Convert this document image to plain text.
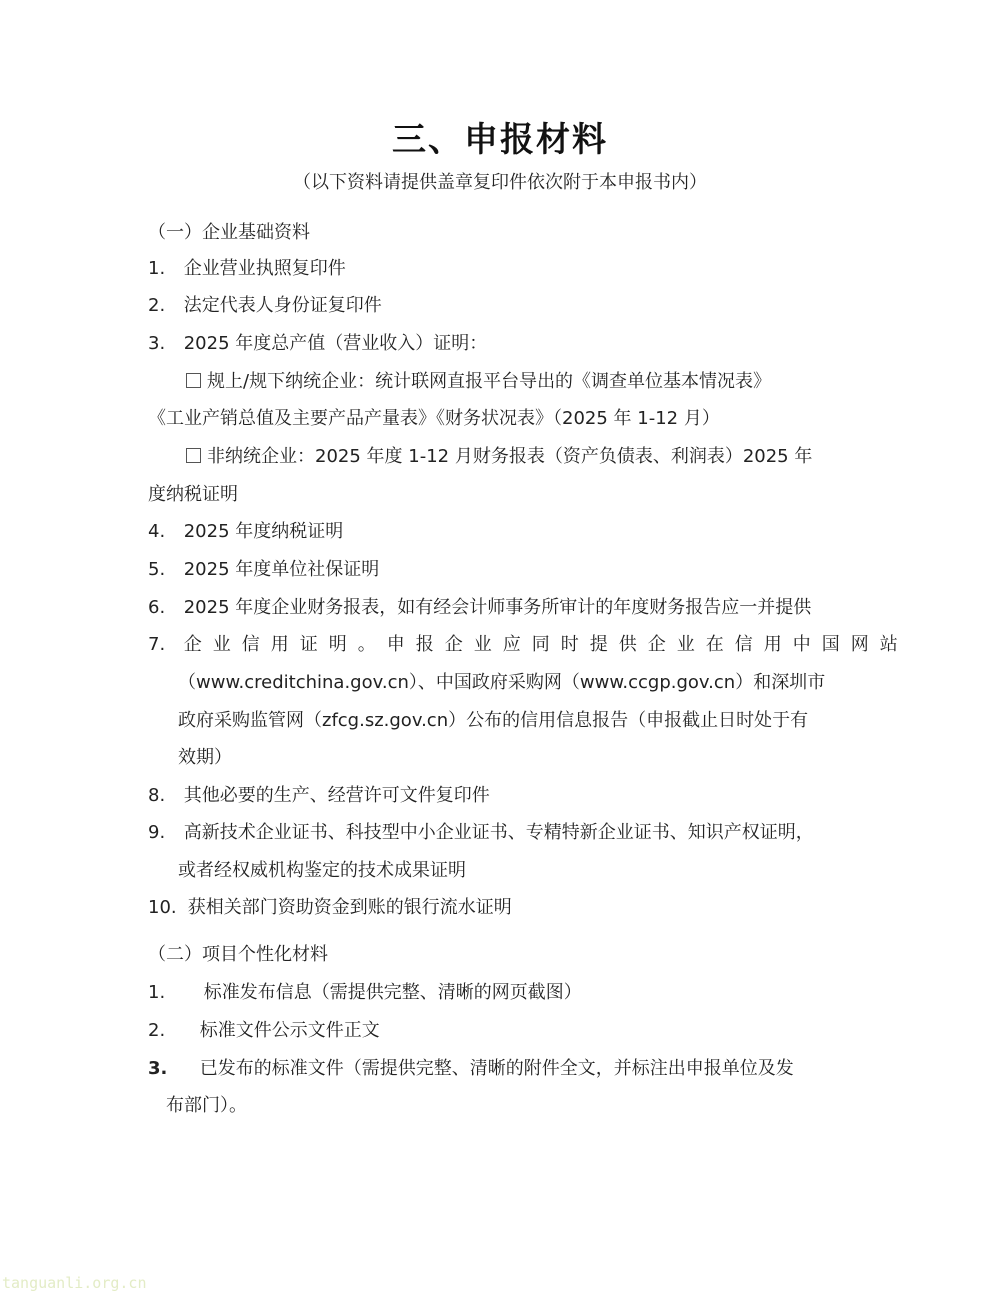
三、申报材料
（以下资料请提供盖章复印件依次附于本申报书内）
（一）企业基础资料
1. 企业营业执照复印件
2. 法定代表人身份证复印件
3. 2025 年度总产值（营业收入）证明：
规上/规下纳统企业：统计联网直报平台导出的《调查单位基本情况表》
《工业产销总值及主要产品产量表》《财务状况表》（2025 年 1-12 月）
非纳统企业：2025 年度 1-12 月财务报表（资产负债表、利润表）2025 年
度纳税证明
4. 2025 年度纳税证明
5. 2025 年度单位社保证明
6. 2025 年度企业财务报表，如有经会计师事务所审计的年度财务报告应一并提供
7. 企业信用证明。申报企业应同时提供企业在信用中国网站
（www.creditchina.gov.cn）、中国政府采购网（www.ccgp.gov.cn）和深圳市
政府采购监管网（zfcg.sz.gov.cn）公布的信用信息报告（申报截止日时处于有
效期）
8. 其他必要的生产、经营许可文件复印件
9. 高新技术企业证书、科技型中小企业证书、专精特新企业证书、知识产权证明，
或者经权威机构鉴定的技术成果证明
10. 获相关部门资助资金到账的银行流水证明
（二）项目个性化材料
1. 标准发布信息（需提供完整、清晰的网页截图）
2. 标准文件公示文件正文
3. 已发布的标准文件（需提供完整、清晰的附件全文，并标注出申报单位及发
布部门）。
tanguanli.org.cn
